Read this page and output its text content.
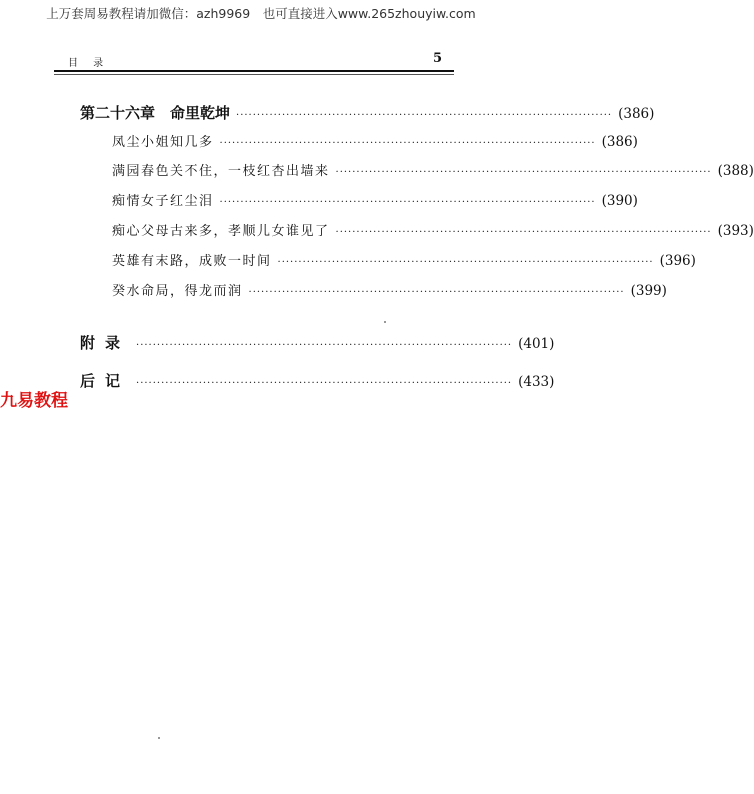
上万套周易教程请加微信：azh9969　也可直接进入www.265zhouyiw.com
目 录	5
第二十六章　命里乾坤 ·························································································· (386)
凤尘小姐知几多 ·························································································· (386)
满园春色关不住，一枝红杏出墙来 ·························································································· (388)
痴情女子红尘泪 ·························································································· (390)
痴心父母古来多，孝顺儿女谁见了 ·························································································· (393)
英雄有末路，成败一时间 ·························································································· (396)
癸水命局，得龙而润 ·························································································· (399)
附录 ·························································································· (401)
后记 ·························································································· (433)
九易教程
